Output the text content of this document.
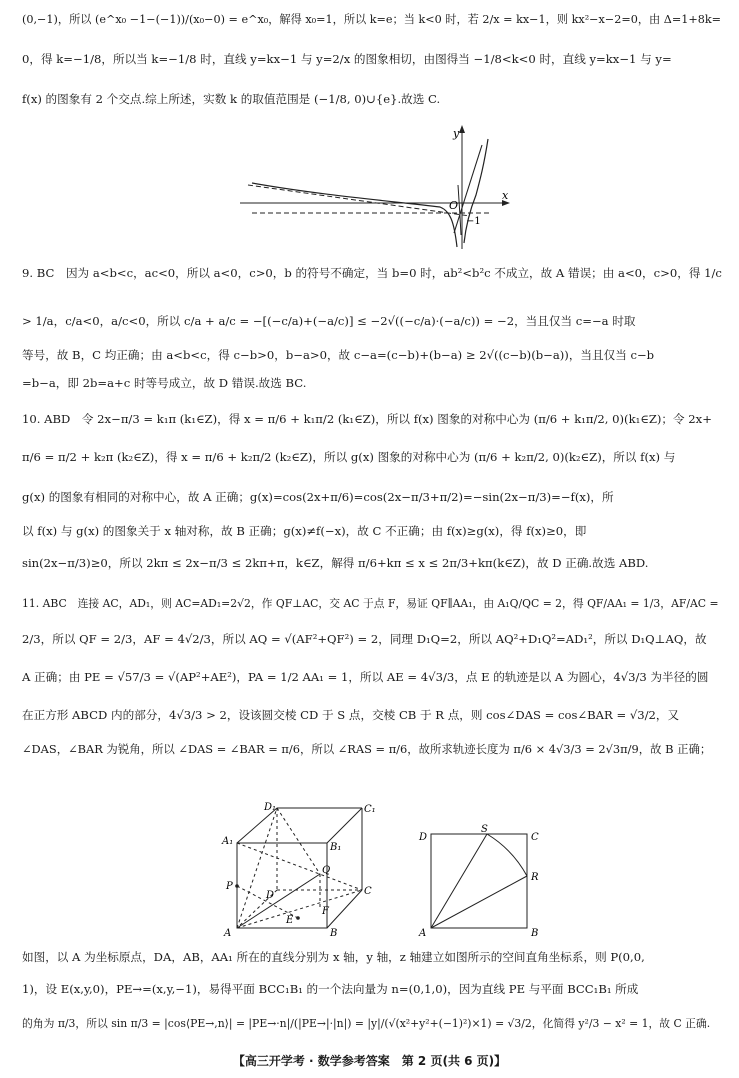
(0,−1)，所以 (e^x₀ −1−(−1))/(x₀−0) = e^x₀，解得 x₀=1，所以 k=e；当 k<0 时，若 2/x = kx−1，则 kx²−x−2=0，由 Δ=1+8k=
0，得 k=−1/8，所以当 k=−1/8 时，直线 y=kx−1 与 y=2/x 的图象相切，由图得当 −1/8<k<0 时，直线 y=kx−1 与 y=
f(x) 的图象有 2 个交点.综上所述，实数 k 的取值范围是 (−1/8, 0)∪{e}.故选 C.
y
x
O
−1
9. BC　因为 a<b<c，ac<0，所以 a<0，c>0，b 的符号不确定，当 b=0 时，ab²<b²c 不成立，故 A 错误；由 a<0，c>0，得 1/c
> 1/a，c/a<0，a/c<0，所以 c/a + a/c = −[(−c/a)+(−a/c)] ≤ −2√((−c/a)·(−a/c)) = −2，当且仅当 c=−a 时取
等号，故 B，C 均正确；由 a<b<c，得 c−b>0，b−a>0，故 c−a=(c−b)+(b−a) ≥ 2√((c−b)(b−a))，当且仅当 c−b
=b−a，即 2b=a+c 时等号成立，故 D 错误.故选 BC.
10. ABD　令 2x−π/3 = k₁π (k₁∈Z)，得 x = π/6 + k₁π/2 (k₁∈Z)，所以 f(x) 图象的对称中心为 (π/6 + k₁π/2, 0)(k₁∈Z)；令 2x+
π/6 = π/2 + k₂π (k₂∈Z)，得 x = π/6 + k₂π/2 (k₂∈Z)，所以 g(x) 图象的对称中心为 (π/6 + k₂π/2, 0)(k₂∈Z)，所以 f(x) 与
g(x) 的图象有相同的对称中心，故 A 正确；g(x)=cos(2x+π/6)=cos(2x−π/3+π/2)=−sin(2x−π/3)=−f(x)，所
以 f(x) 与 g(x) 的图象关于 x 轴对称，故 B 正确；g(x)≠f(−x)，故 C 不正确；由 f(x)≥g(x)，得 f(x)≥0，即
sin(2x−π/3)≥0，所以 2kπ ≤ 2x−π/3 ≤ 2kπ+π，k∈Z，解得 π/6+kπ ≤ x ≤ 2π/3+kπ(k∈Z)，故 D 正确.故选 ABD.
11. ABC　连接 AC，AD₁，则 AC=AD₁=2√2，作 QF⊥AC，交 AC 于点 F，易证 QF∥AA₁，由 A₁Q/QC = 2，得 QF/AA₁ = 1/3，AF/AC =
2/3，所以 QF = 2/3，AF = 4√2/3，所以 AQ = √(AF²+QF²) = 2，同理 D₁Q=2，所以 AQ²+D₁Q²=AD₁²，所以 D₁Q⊥AQ，故
A 正确；由 PE = √57/3 = √(AP²+AE²)，PA = 1/2 AA₁ = 1，所以 AE = 4√3/3，点 E 的轨迹是以 A 为圆心，4√3/3 为半径的圆
在正方形 ABCD 内的部分，4√3/3 > 2，设该圆交棱 CD 于 S 点，交棱 CB 于 R 点，则 cos∠DAS = cos∠BAR = √3/2，又
∠DAS，∠BAR 为锐角，所以 ∠DAS = ∠BAR = π/6，所以 ∠RAS = π/6，故所求轨迹长度为 π/6 × 4√3/3 = 2√3π/9，故 B 正确；
D₁	C₁
A₁
B₁
P
Q
D	C
E
F
A	B
D
S
C
R
A	B
如图，以 A 为坐标原点，DA，AB，AA₁ 所在的直线分别为 x 轴，y 轴，z 轴建立如图所示的空间直角坐标系，则 P(0,0,
1)，设 E(x,y,0)，PE→=(x,y,−1)，易得平面 BCC₁B₁ 的一个法向量为 n=(0,1,0)，因为直线 PE 与平面 BCC₁B₁ 所成
的角为 π/3，所以 sin π/3 = |cos⟨PE→,n⟩| = |PE→·n|/(|PE→|·|n|) = |y|/(√(x²+y²+(−1)²)×1) = √3/2，化简得 y²/3 − x² = 1，故 C 正确.
【高三开学考 · 数学参考答案　第 2 页(共 6 页)】
